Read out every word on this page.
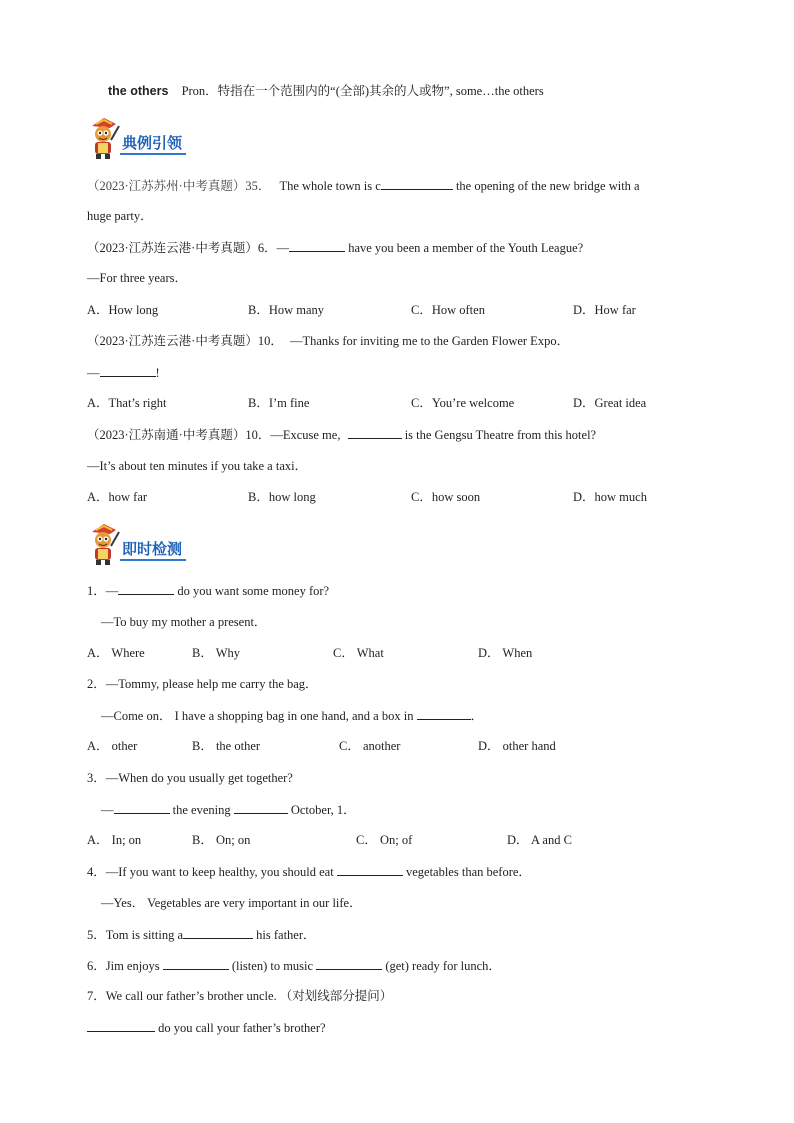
the others Pron．特指在一个范围内的“(全部)其余的人或物”, some…the others
典例引领
（2023·江苏苏州·中考真题）35． The whole town is c	the opening of the new bridge with a
huge party．
（2023·江苏连云港·中考真题）6．—	have you been a member of the Youth League?
—For three years．
A．How long	B．How many	C．How often	D．How far
（2023·江苏连云港·中考真题）10． —Thanks for inviting me to the Garden Flower Expo．
—	!
A．That’s right	B．I’m fine	C．You’re welcome	D．Great idea
（2023·江苏南通·中考真题）10．—Excuse me,	is the Gengsu Theatre from this hotel?
—It’s about ten minutes if you take a taxi．
A．how far	B．how long	C．how soon	D．how much
即时检测
1．—	do you want some money for?
—To buy my mother a present．
A． Where	B． Why	C． What	D． When
2．—Tommy, please help me carry the bag．
—Come on． I have a shopping bag in one hand, and a box in	．
A． other	B． the other	C． another	D． other hand
3．—When do you usually get together?
—	the evening	October, 1．
A． In; on	B． On; on	C． On; of	D． A and C
4．—If you want to keep healthy, you should eat	vegetables than before．
—Yes． Vegetables are very important in our life．
5．Tom is sitting a	his father．
6．Jim enjoys	(listen) to music	(get) ready for lunch．
7．We call our father’s brother uncle. （对划线部分提问）
do you call your father’s brother?
